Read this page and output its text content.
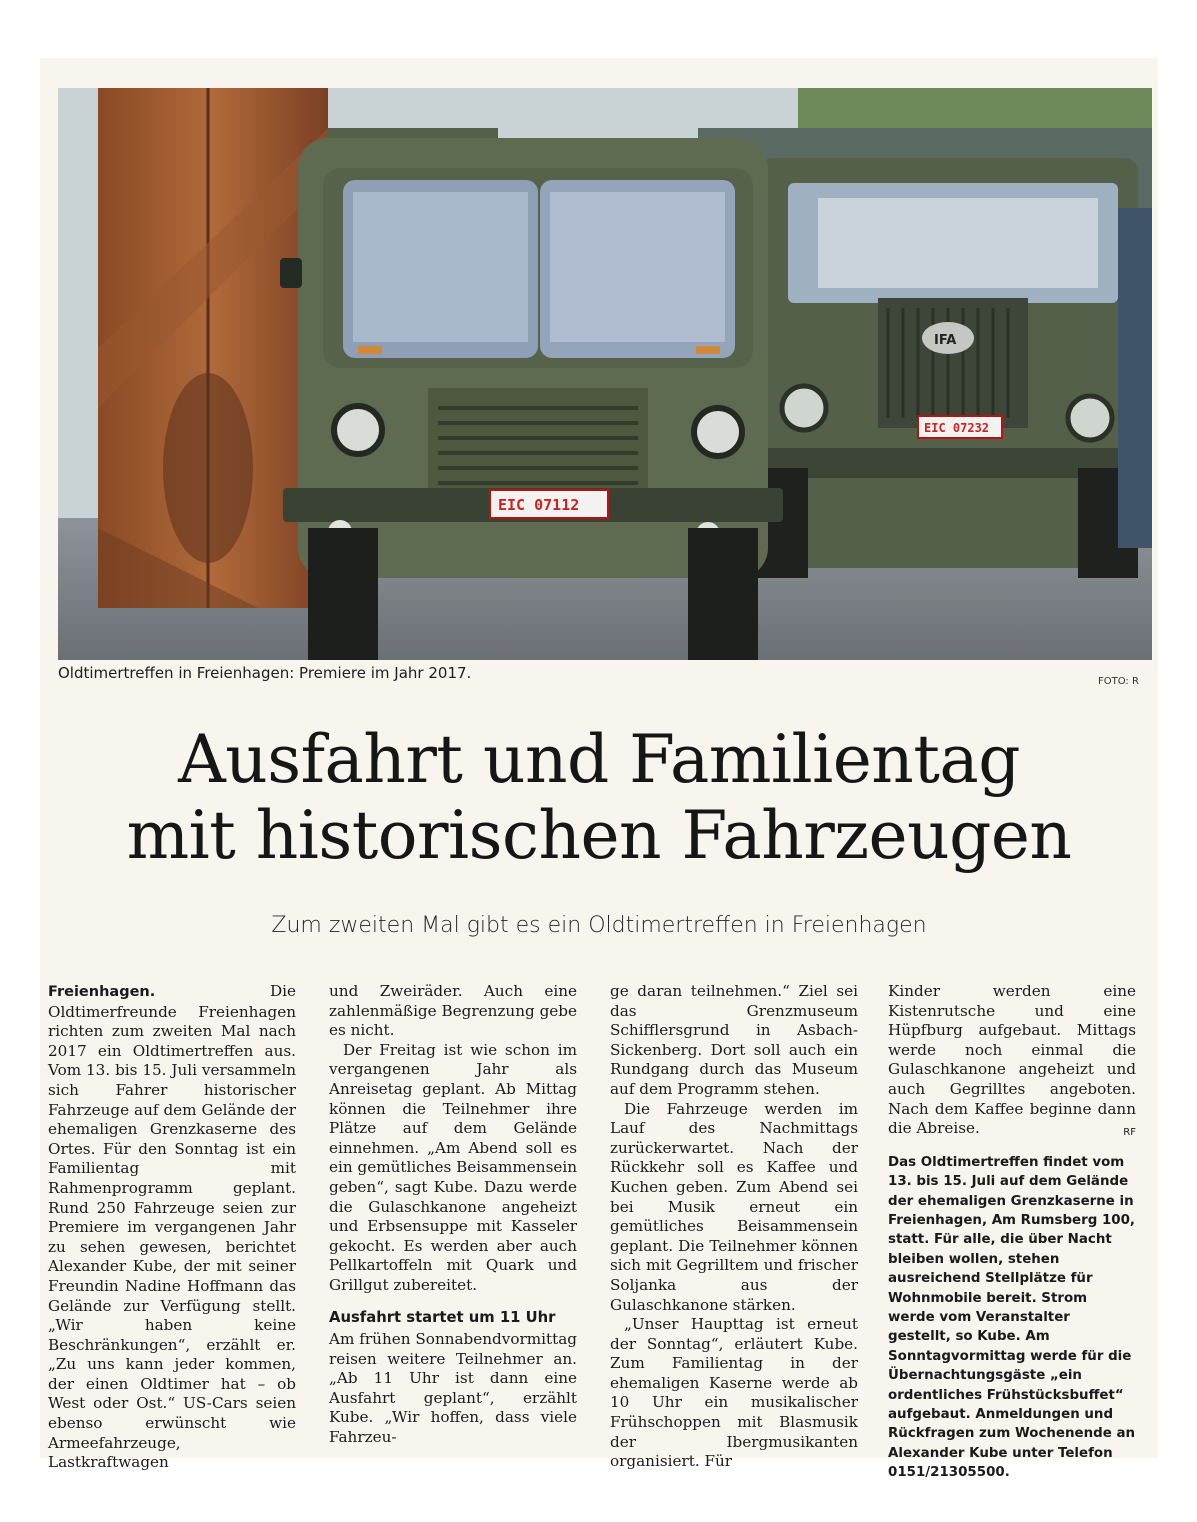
IFA
EIC 07232
EIC 07112
Oldtimertreffen in Freienhagen: Premiere im Jahr 2017.	FOTO: R
Ausfahrt und Familientag
mit historischen Fahrzeugen
Zum zweiten Mal gibt es ein Oldtimertreffen in Freienhagen

Freienhagen.	Die Oldtimerfreunde Freienhagen richten zum zweiten Mal nach 2017 ein Oldtimertreffen aus. Vom 13. bis 15. Juli versammeln sich Fahrer historischer Fahrzeuge auf dem Gelände der ehemaligen Grenzkaserne des Ortes. Für den Sonntag ist ein Familientag mit Rahmenprogramm geplant. Rund 250 Fahrzeuge seien zur Premiere im vergangenen Jahr zu sehen gewesen, berichtet Alexander Kube, der mit seiner Freundin Nadine Hoffmann das Gelände zur Verfügung stellt. „Wir haben keine Beschränkungen“, erzählt er. „Zu uns kann jeder kommen, der einen Oldtimer hat – ob West oder Ost.“ US-Cars seien ebenso erwünscht wie Armeefahrzeuge, Lastkraftwagen

und Zweiräder. Auch eine zahlenmäßige Begrenzung gebe es nicht.

Der Freitag ist wie schon im vergangenen Jahr als Anreisetag geplant. Ab Mittag können die Teilnehmer ihre Plätze auf dem Gelände einnehmen. „Am Abend soll es ein gemütliches Beisammensein geben“, sagt Kube. Dazu werde die Gulaschkanone angeheizt und Erbsensuppe mit Kasseler gekocht. Es werden aber auch Pellkartoffeln mit Quark und Grillgut zubereitet.

Ausfahrt startet um 11 Uhr

Am frühen Sonnabendvormittag reisen weitere Teilnehmer an. „Ab 11 Uhr ist dann eine Ausfahrt geplant“, erzählt Kube. „Wir hoffen, dass viele Fahrzeu-

ge daran teilnehmen.“ Ziel sei das Grenzmuseum Schifflersgrund in Asbach-Sickenberg. Dort soll auch ein Rundgang durch das Museum auf dem Programm stehen.

Die Fahrzeuge werden im Lauf des Nachmittags zurückerwartet. Nach der Rückkehr soll es Kaffee und Kuchen geben. Zum Abend sei bei Musik erneut ein gemütliches Beisammensein geplant. Die Teilnehmer können sich mit Gegrilltem und frischer Soljanka aus der Gulaschkanone stärken.

„Unser Haupttag ist erneut der Sonntag“, erläutert Kube. Zum Familientag in der ehemaligen Kaserne werde ab 10 Uhr ein musikalischer Frühschoppen mit Blasmusik der Ibergmusikanten organisiert. Für

Kinder werden eine Kistenrutsche und eine Hüpfburg aufgebaut. Mittags werde noch einmal die Gulaschkanone angeheizt und auch Gegrilltes angeboten. Nach dem Kaffee beginne dann die Abreise.	RF

Das Oldtimertreffen findet vom 13. bis 15. Juli auf dem Gelände der ehemaligen Grenzkaserne in Freienhagen, Am Rumsberg 100, statt. Für alle, die über Nacht bleiben wollen, stehen ausreichend Stellplätze für Wohnmobile bereit. Strom werde vom Veranstalter gestellt, so Kube. Am Sonntagvormittag werde für die Übernachtungsgäste „ein ordentliches Frühstücksbuffet“ aufgebaut. Anmeldungen und Rückfragen zum Wochenende an Alexander Kube unter Telefon 0151/21305500.
